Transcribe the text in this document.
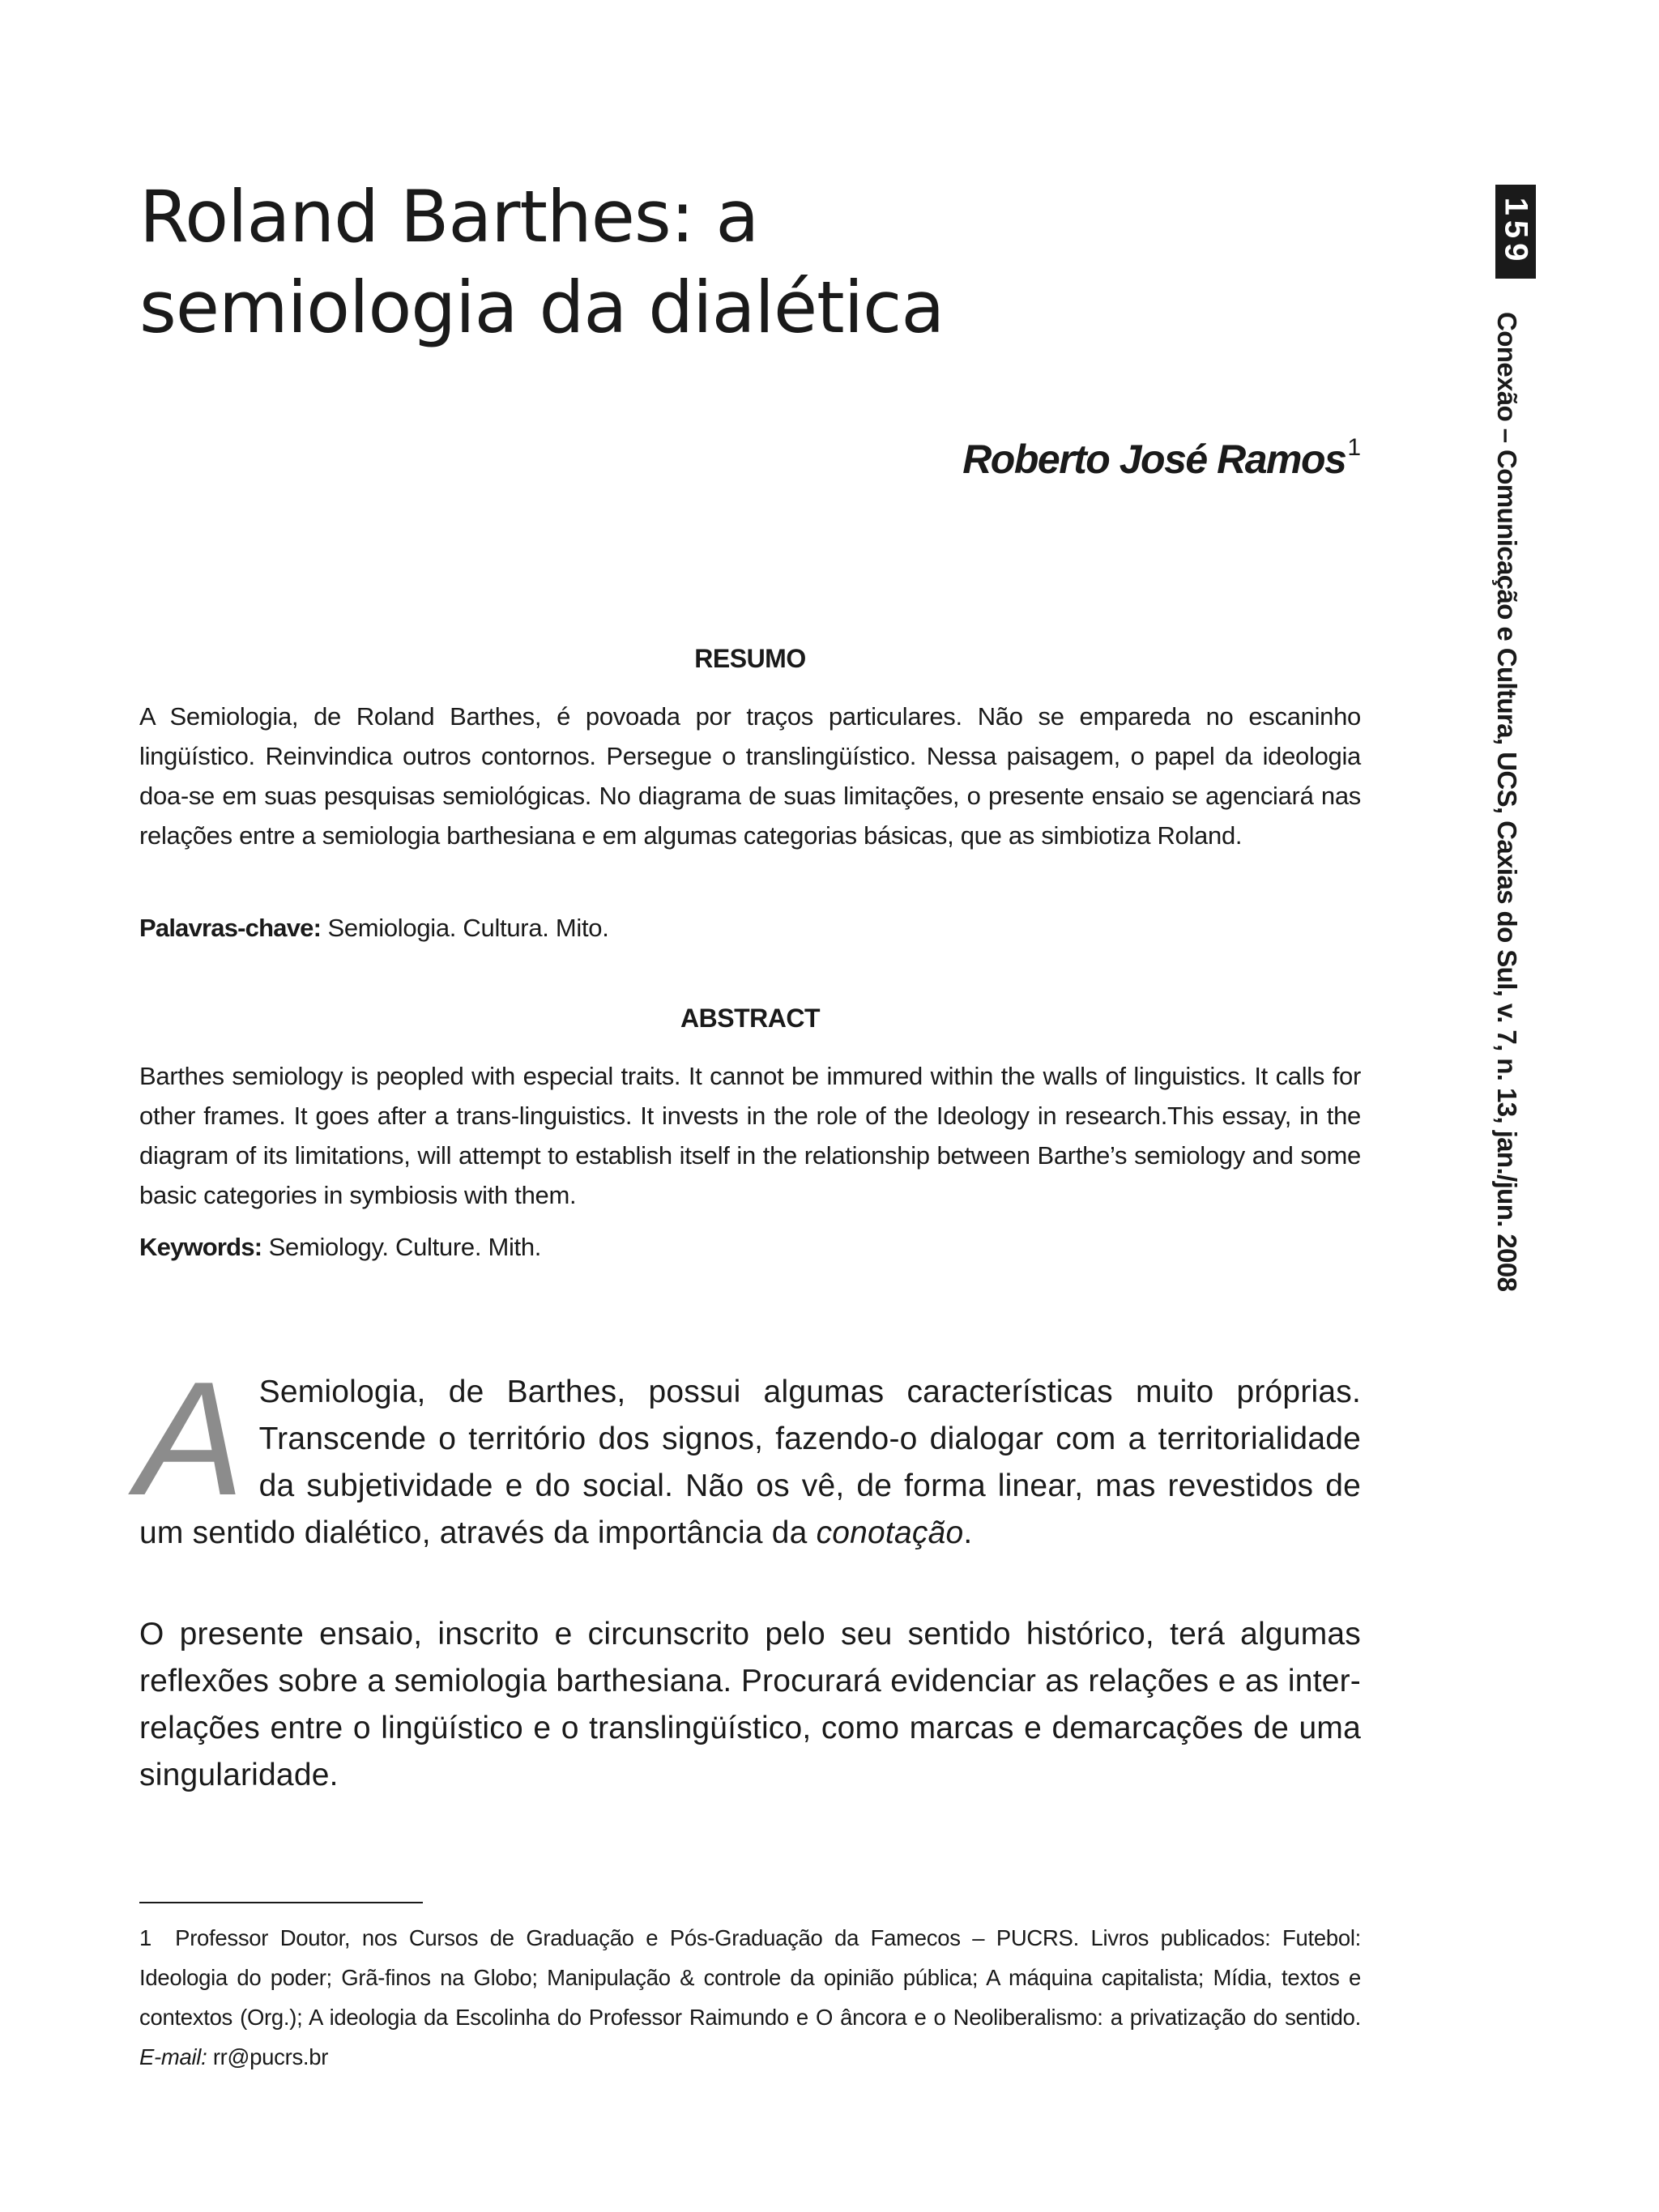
Roland Barthes: a
semiologia da dialética
Roberto José Ramos$^1$
RESUMO
A Semiologia, de Roland Barthes, é povoada por traços particulares. Não se empareda no escaninho lingüístico. Reinvindica outros contornos. Persegue o translingüístico. Nessa paisagem, o papel da ideologia doa-se em suas pesquisas semiológicas. No diagrama de suas limitações, o presente ensaio se agenciará nas relações entre a semiologia barthesiana e em algumas categorias básicas, que as simbiotiza Roland.
Palavras-chave: Semiologia. Cultura. Mito.
ABSTRACT
Barthes semiology is peopled with especial traits. It cannot be immured within the walls of linguistics. It calls for other frames. It goes after a trans-linguistics. It invests in the role of the Ideology in research.This essay, in the diagram of its limitations, will attempt to establish itself in the relationship between Barthe’s semiology and some basic categories in symbiosis with them.
Keywords: Semiology. Culture. Mith.
A Semiologia, de Barthes, possui algumas características muito próprias. Transcende o território dos signos, fazendo-o dialogar com a territorialidade da subjetividade e do social. Não os vê, de forma linear, mas revestidos de um sentido dialético, através da importância da conotação.
O presente ensaio, inscrito e circunscrito pelo seu sentido histórico, terá algumas reflexões sobre a semiologia barthesiana. Procurará evidenciar as relações e as inter-relações entre o lingüístico e o translingüístico, como marcas e demarcações de uma singularidade.
1 Professor Doutor, nos Cursos de Graduação e Pós-Graduação da Famecos – PUCRS. Livros publicados: Futebol: Ideologia do poder; Grã-finos na Globo; Manipulação & controle da opinião pública; A máquina capitalista; Mídia, textos e contextos (Org.); A ideologia da Escolinha do Professor Raimundo e O âncora e o Neoliberalismo: a privatização do sentido. E-mail: rr@pucrs.br
159
Conexão – Comunicação e Cultura, UCS, Caxias do Sul, v. 7, n. 13, jan./jun. 2008
